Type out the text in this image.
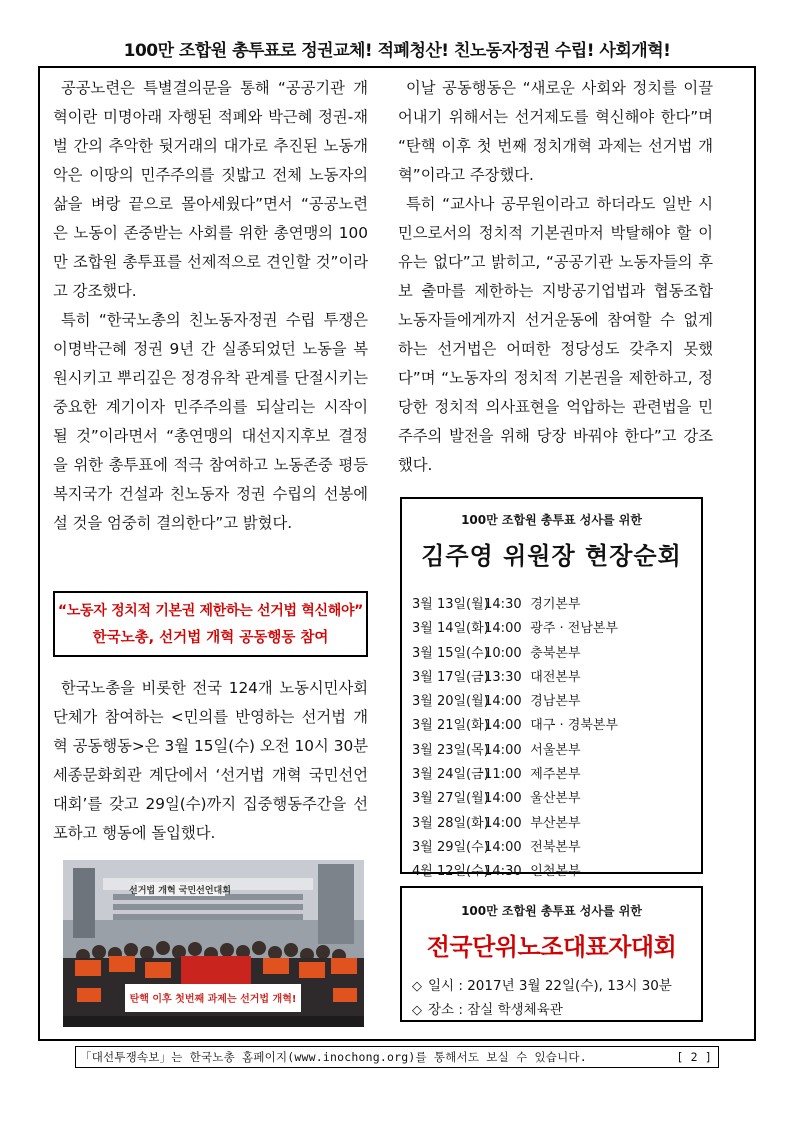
100만 조합원 총투표로 정권교체! 적폐청산! 친노동자정권 수립! 사회개혁!

공공노련은 특별결의문을 통해 “공공기관 개혁이란 미명아래 자행된 적폐와 박근혜 정권-재벌 간의 추악한 뒷거래의 대가로 추진된 노동개악은 이땅의 민주주의를 짓밟고 전체 노동자의 삶을 벼랑 끝으로 몰아세웠다”면서 “공공노련은 노동이 존중받는 사회를 위한 총연맹의 100만 조합원 총투표를 선제적으로 견인할 것”이라고 강조했다.

특히 “한국노총의 친노동자정권 수립 투쟁은 이명박근혜 정권 9년 간 실종되었던 노동을 복원시키고 뿌리깊은 정경유착 관계를 단절시키는 중요한 계기이자 민주주의를 되살리는 시작이 될 것”이라면서 “총연맹의 대선지지후보 결정을 위한 총투표에 적극 참여하고 노동존중 평등복지국가 건설과 친노동자 정권 수립의 선봉에 설 것을 엄중히 결의한다”고 밝혔다.

“노동자 정치적 기본권 제한하는 선거법 혁신해야”
한국노총, 선거법 개혁 공동행동 참여

한국노총을 비롯한 전국 124개 노동시민사회단체가 참여하는 <민의를 반영하는 선거법 개혁 공동행동>은 3월 15일(수) 오전 10시 30분 세종문화회관 계단에서 ‘선거법 개혁 국민선언대회’를 갖고 29일(수)까지 집중행동주간을 선포하고 행동에 돌입했다.

선거법 개혁 국민선언대회
탄핵 이후 첫번째 과제는 선거법 개혁!

이날 공동행동은 “새로운 사회와 정치를 이끌어내기 위해서는 선거제도를 혁신해야 한다”며 “탄핵 이후 첫 번째 정치개혁 과제는 선거법 개혁”이라고 주장했다.

특히 “교사나 공무원이라고 하더라도 일반 시민으로서의 정치적 기본권마저 박탈해야 할 이유는 없다”고 밝히고, “공공기관 노동자들의 후보 출마를 제한하는 지방공기업법과 협동조합 노동자들에게까지 선거운동에 참여할 수 없게 하는 선거법은 어떠한 정당성도 갖추지 못했다”며 “노동자의 정치적 기본권을 제한하고, 정당한 정치적 의사표현을 억압하는 관련법을 민주주의 발전을 위해 당장 바꿔야 한다”고 강조했다.

100만 조합원 총투표 성사를 위한
김주영 위원장 현장순회
3월 13일(월) 14:30 경기본부
3월 14일(화) 14:00 광주 · 전남본부
3월 15일(수) 10:00 충북본부
3월 17일(금) 13:30 대전본부
3월 20일(월) 14:00 경남본부
3월 21일(화) 14:00 대구 · 경북본부
3월 23일(목) 14:00 서울본부
3월 24일(금) 11:00 제주본부
3월 27일(월) 14:00 울산본부
3월 28일(화) 14:00 부산본부
3월 29일(수) 14:00 전북본부
4월 12일(수) 14:30 인천본부
100만 조합원 총투표 성사를 위한
전국단위노조대표자대회
◇ 일시 : 2017년 3월 22일(수), 13시 30분
◇ 장소 : 잠실 학생체육관
「대선투쟁속보」는 한국노총 홈페이지(www.inochong.org)를 통해서도 보실 수 있습니다.	[ 2 ]
